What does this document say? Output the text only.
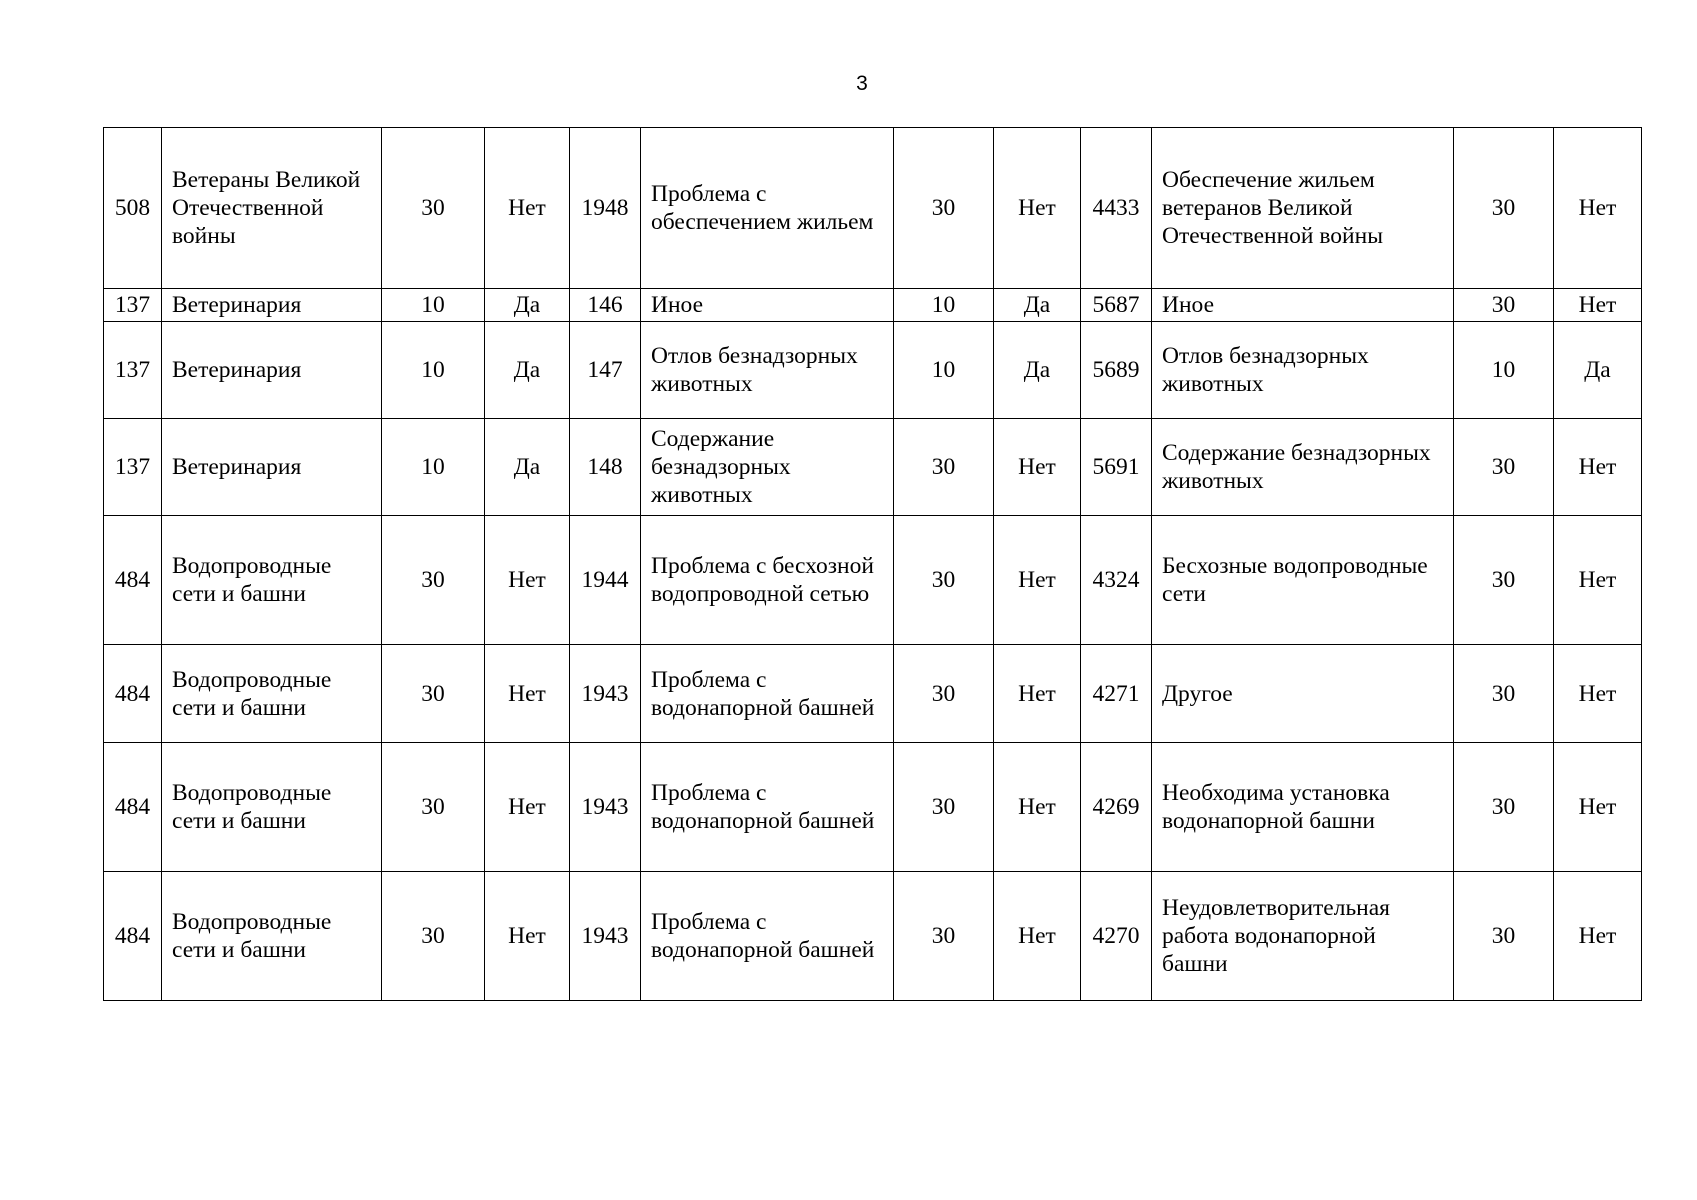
3
508	Ветераны Великой Отечественной войны	30	Нет	1948	Проблема с обеспечением жильем	30	Нет	4433	Обеспечение жильем ветеранов Великой Отечественной войны	30	Нет
137	Ветеринария	10	Да	146	Иное	10	Да	5687	Иное	30	Нет
137	Ветеринария	10	Да	147	Отлов безнадзорных животных	10	Да	5689	Отлов безнадзорных животных	10	Да
137	Ветеринария	10	Да	148	Содержание безнадзорных животных	30	Нет	5691	Содержание безнадзорных животных	30	Нет
484	Водопроводные сети и башни	30	Нет	1944	Проблема с бесхозной водопроводной сетью	30	Нет	4324	Бесхозные водопроводные сети	30	Нет
484	Водопроводные сети и башни	30	Нет	1943	Проблема с водонапорной башней	30	Нет	4271	Другое	30	Нет
484	Водопроводные сети и башни	30	Нет	1943	Проблема с водонапорной башней	30	Нет	4269	Необходима установка водонапорной башни	30	Нет
484	Водопроводные сети и башни	30	Нет	1943	Проблема с водонапорной башней	30	Нет	4270	Неудовлетворительная работа водонапорной башни	30	Нет
